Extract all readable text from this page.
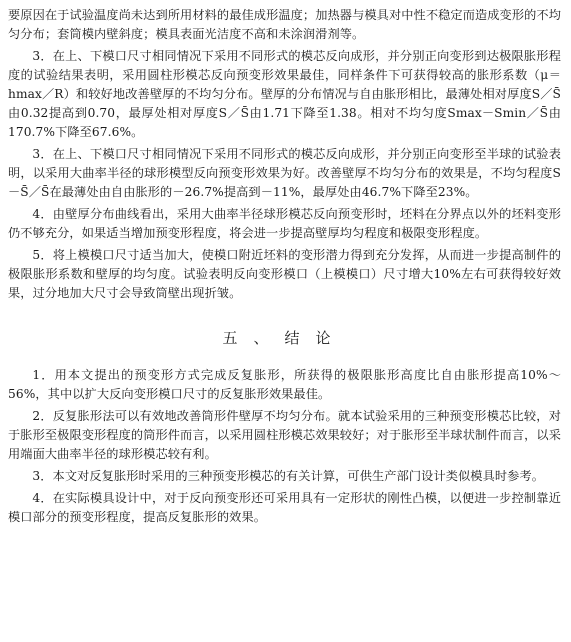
要原因在于试验温度尚未达到所用材料的最佳成形温度；加热器与模具对中性不稳定而造成变形的不均匀分布；套筒模内壁斜度；模具表面光洁度不高和未涂润滑剂等。

3．在上、下模口尺寸相同情况下采用不同形式的模芯反向成形，并分别正向变形到达极限胀形程度的试验结果表明，采用圆柱形模芯反向预变形效果最佳，同样条件下可获得较高的胀形系数（μ＝hmax／R）和较好地改善壁厚的不均匀分布。壁厚的分布情况与自由胀形相比，最薄处相对厚度S／S̄由0.32提高到0.70，最厚处相对厚度S／S̄由1.71下降至1.38。相对不均匀度Smax－Smin／S̄由170.7%下降至67.6%。

3．在上、下模口尺寸相同情况下采用不同形式的模芯反向成形，并分别正向变形至半球的试验表明，以采用大曲率半径的球形模型反向预变形效果为好。改善壁厚不均匀分布的效果是，不均匀程度S－S̄／S̄在最薄处由自由胀形的－26.7%提高到－11%，最厚处由46.7%下降至23%。

4．由壁厚分布曲线看出，采用大曲率半径球形模芯反向预变形时，坯料在分界点以外的坯料变形仍不够充分，如果适当增加预变形程度，将会进一步提高壁厚均匀程度和极限变形程度。

5．将上模模口尺寸适当加大，使模口附近坯料的变形潜力得到充分发挥，从而进一步提高制件的极限胀形系数和壁厚的均匀度。试验表明反向变形模口（上模模口）尺寸增大10%左右可获得较好效果，过分地加大尺寸会导致筒壁出现折皱。

五、结论

1．用本文提出的预变形方式完成反复胀形，所获得的极限胀形高度比自由胀形提高10%～56%，其中以扩大反向变形模口尺寸的反复胀形效果最佳。

2．反复胀形法可以有效地改善筒形件壁厚不均匀分布。就本试验采用的三种预变形模芯比较，对于胀形至极限变形程度的筒形件而言，以采用圆柱形模芯效果较好；对于胀形至半球状制件而言，以采用端面大曲率半径的球形模芯较有利。

3．本文对反复胀形时采用的三种预变形模芯的有关计算，可供生产部门设计类似模具时参考。

4．在实际模具设计中，对于反向预变形还可采用具有一定形状的刚性凸模，以便进一步控制靠近模口部分的预变形程度，提高反复胀形的效果。
